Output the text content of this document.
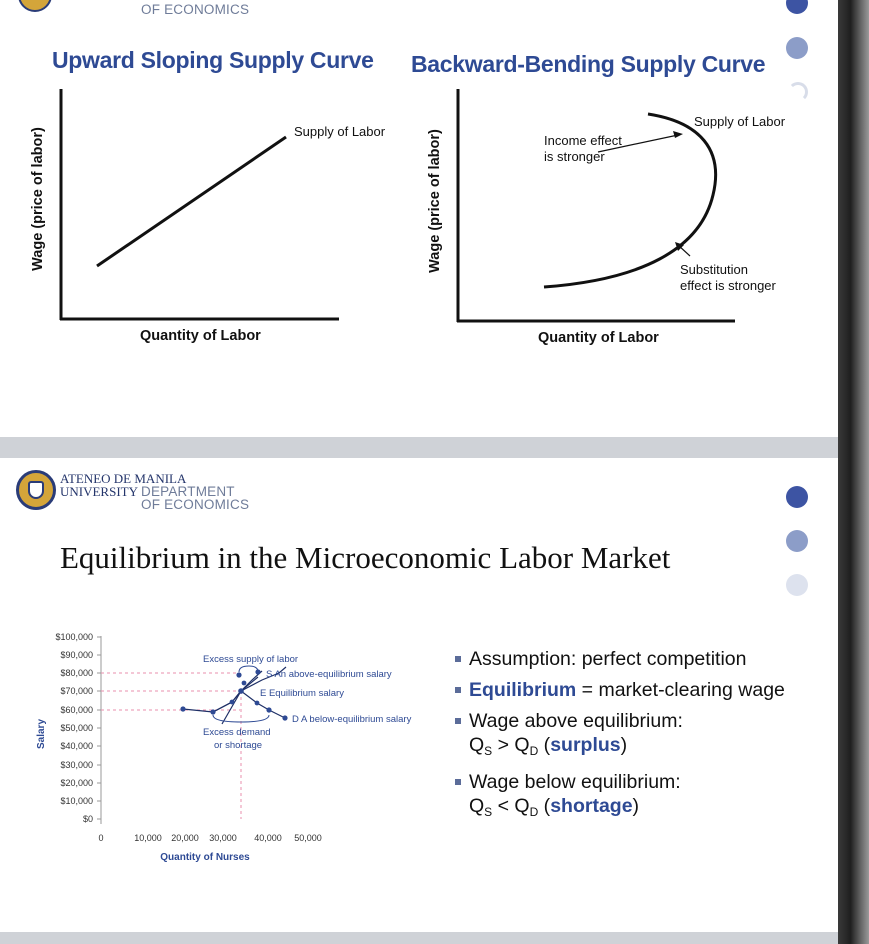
OF ECONOMICS
Upward Sloping Supply Curve Backward-Bending Supply Curve
Supply of Labor
Quantity of Labor
Wage (price of labor)
Supply of Labor
Income effect
is stronger
Substitution
effect is stronger
Quantity of Labor
Wage (price of labor)
ATENEO DE MANILA
UNIVERSITY DEPARTMENT
OF ECONOMICS
Equilibrium in the Microeconomic Labor Market
$100,000
$90,000
$80,000
$70,000
$60,000
$50,000
$40,000
$30,000
$20,000
$10,000
$0
Salary
0	10,000 20,000 30,000 40,000 50,000
Quantity of Nurses
Excess supply of labor
S An above-equilibrium salary
E Equilibrium salary
D A below-equilibrium salary
Excess demand
or shortage
Assumption: perfect competition
Equilibrium = market-clearing wage
Wage above equilibrium:
$Q_S > Q_D$ (surplus)
Wage below equilibrium:
$Q_S < Q_D$ (shortage)
